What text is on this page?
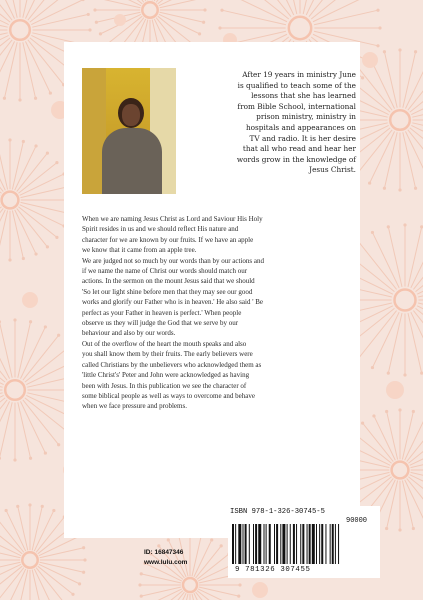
After 19 years in ministry June
is qualified to teach some of the
lessons that she has learned
from Bible School, international
prison ministry, ministry in
hospitals and appearances on
TV and radio. It is her desire
that all who read and hear her
words grow in the knowledge of
Jesus Christ.
When we are naming Jesus Christ as Lord and Saviour His Holy
Spirit resides in us and we should reflect His nature and
character for we are known by our fruits. If we have an apple
we know that it came from an apple tree.
We are judged not so much by our words than by our actions and
if we name the name of Christ our words should match our
actions. In the sermon on the mount Jesus said that we should
'So let our light shine before men that they may see our good
works and glorify our Father who is in heaven.' He also said ' Be
perfect as your Father in heaven is perfect.' When people
observe us they will judge the God that we serve by our
behaviour and also by our words.
Out of the overflow of the heart the mouth speaks and also
you shall know them by their fruits. The early believers were
called Christians by the unbelievers who acknowledged them as
'little Christ's' Peter and John were acknowledged as having
been with Jesus. In this publication we see the character of
some biblical people as well as ways to overcome and behave
when we face pressure and problems.
ISBN 978-1-326-30745-5
90000
9 781326 307455
ID: 16847346
www.lulu.com
